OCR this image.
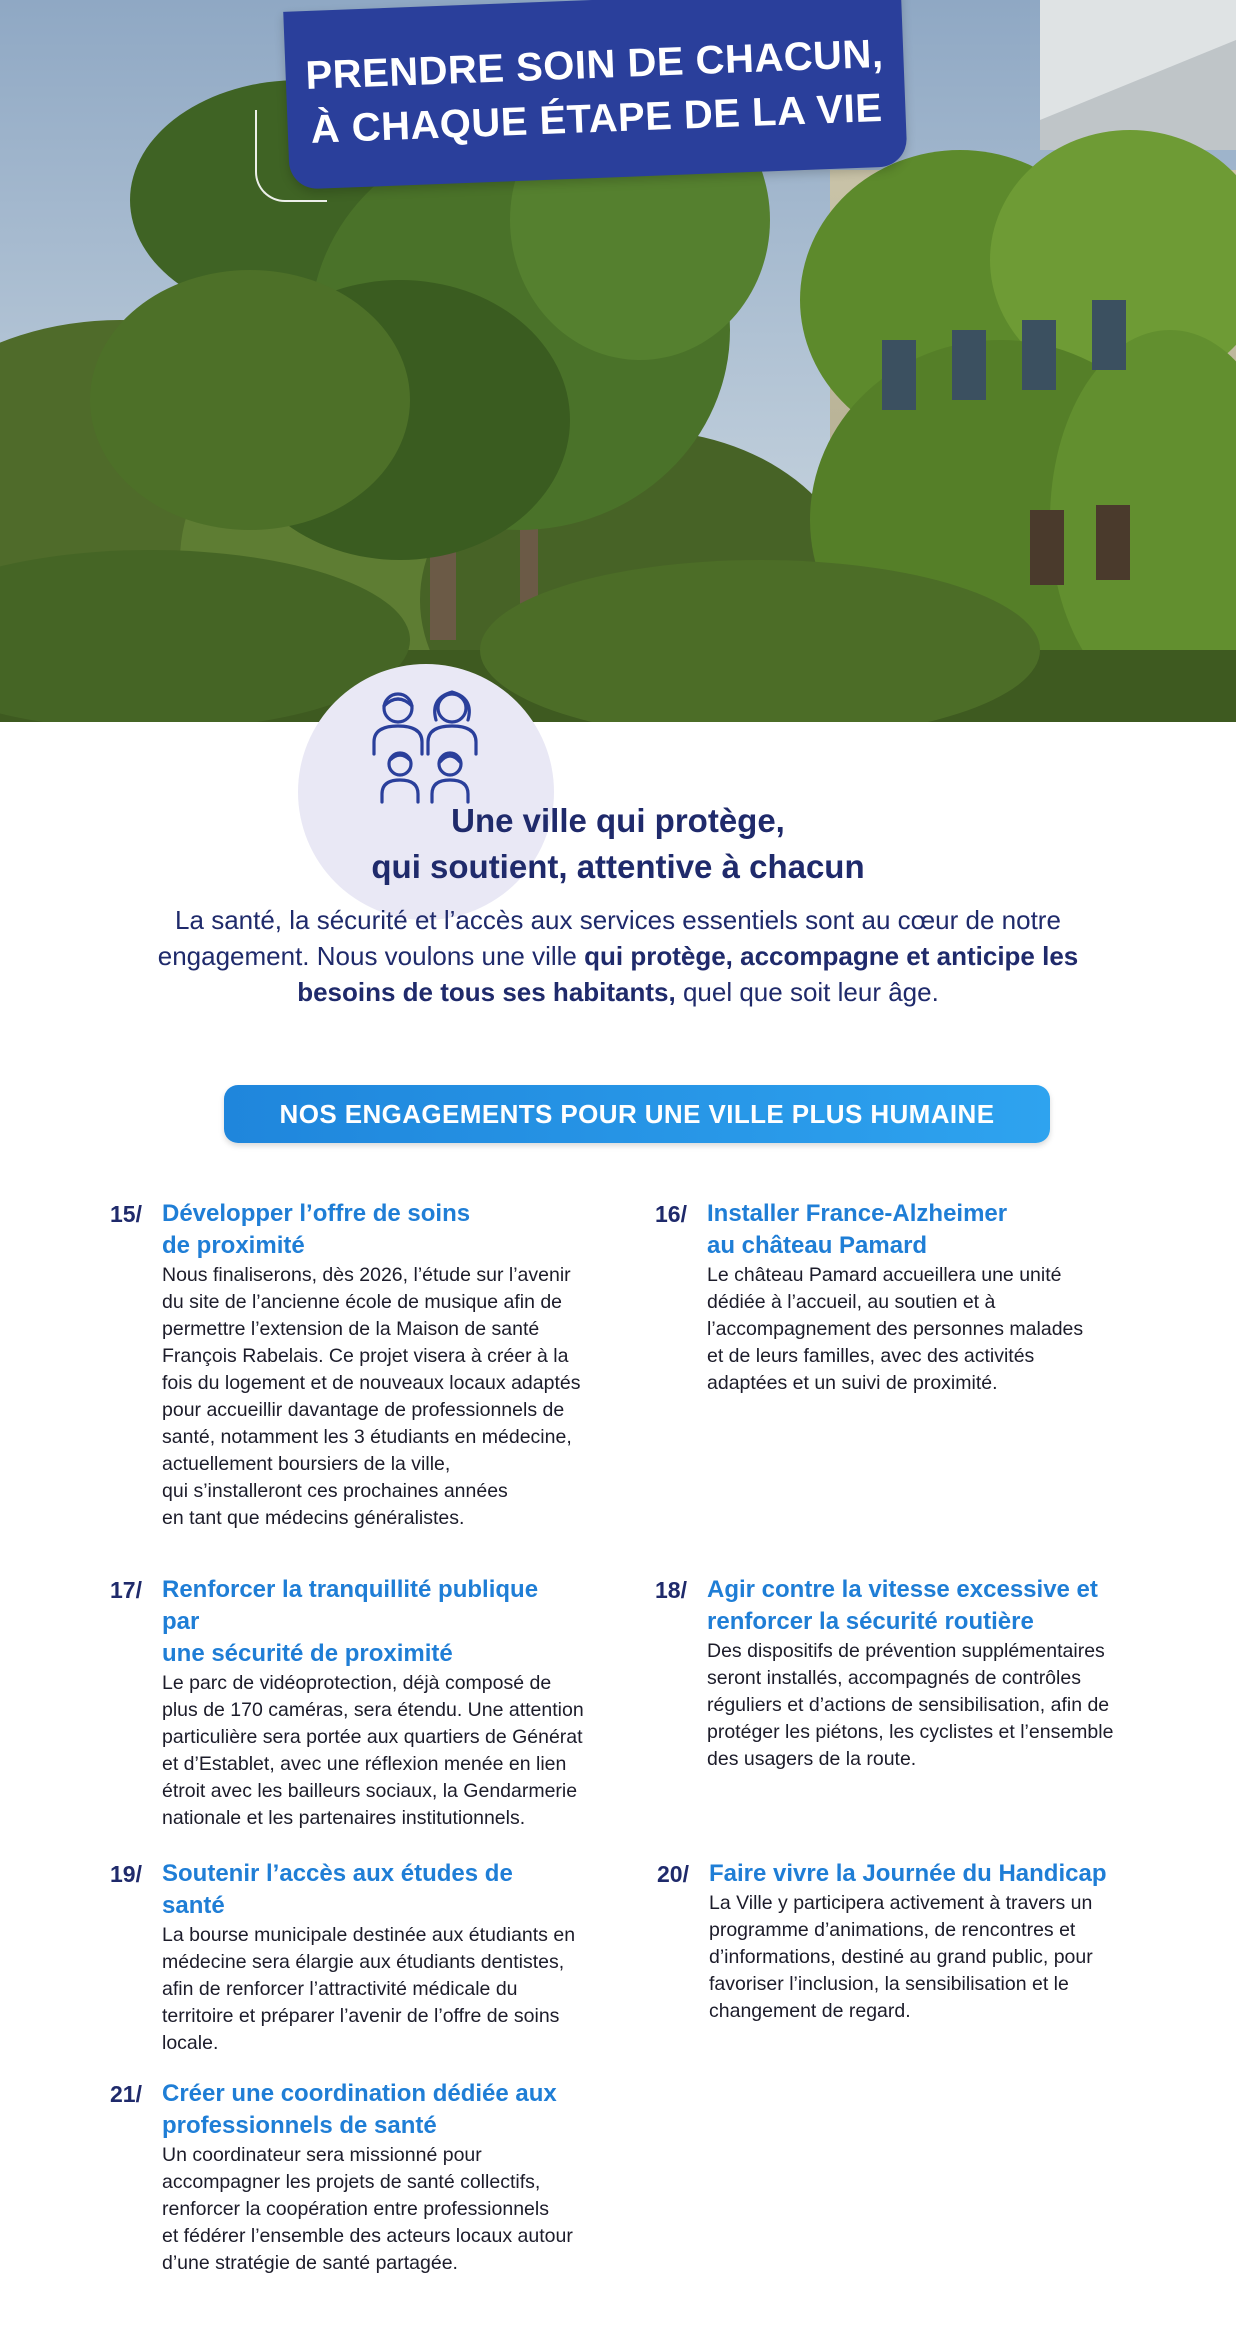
PRENDRE SOIN DE CHACUN,
À CHAQUE ÉTAPE DE LA VIE
Une ville qui protège,
qui soutient, attentive à chacun
La santé, la sécurité et l’accès aux services essentiels sont au cœur de notre engagement. Nous voulons une ville qui protège, accompagne et anticipe les besoins de tous ses habitants, quel que soit leur âge.
NOS ENGAGEMENTS POUR UNE VILLE PLUS HUMAINE
15/ Développer l’offre de soins
de proximité
Nous finaliserons, dès 2026, l’étude sur l’avenir
du site de l’ancienne école de musique afin de
permettre l’extension de la Maison de santé
François Rabelais. Ce projet visera à créer à la
fois du logement et de nouveaux locaux adaptés
pour accueillir davantage de professionnels de
santé, notamment les 3 étudiants en médecine,
actuellement boursiers de la ville,
qui s’installeront ces prochaines années
en tant que médecins généralistes.
16/ Installer France-Alzheimer
au château Pamard
Le château Pamard accueillera une unité
dédiée à l’accueil, au soutien et à
l’accompagnement des personnes malades
et de leurs familles, avec des activités
adaptées et un suivi de proximité.
17/ Renforcer la tranquillité publique par
une sécurité de proximité
Le parc de vidéoprotection, déjà composé de
plus de 170 caméras, sera étendu. Une attention
particulière sera portée aux quartiers de Générat
et d’Establet, avec une réflexion menée en lien
étroit avec les bailleurs sociaux, la Gendarmerie
nationale et les partenaires institutionnels.
18/ Agir contre la vitesse excessive et
renforcer la sécurité routière
Des dispositifs de prévention supplémentaires
seront installés, accompagnés de contrôles
réguliers et d’actions de sensibilisation, afin de
protéger les piétons, les cyclistes et l’ensemble
des usagers de la route.
19/ Soutenir l’accès aux études de santé
La bourse municipale destinée aux étudiants en
médecine sera élargie aux étudiants dentistes,
afin de renforcer l’attractivité médicale du
territoire et préparer l’avenir de l’offre de soins
locale.
20/ Faire vivre la Journée du Handicap
La Ville y participera activement à travers un
programme d’animations, de rencontres et
d’informations, destiné au grand public, pour
favoriser l’inclusion, la sensibilisation et le
changement de regard.
21/ Créer une coordination dédiée aux
professionnels de santé
Un coordinateur sera missionné pour
accompagner les projets de santé collectifs,
renforcer la coopération entre professionnels
et fédérer l’ensemble des acteurs locaux autour
d’une stratégie de santé partagée.
